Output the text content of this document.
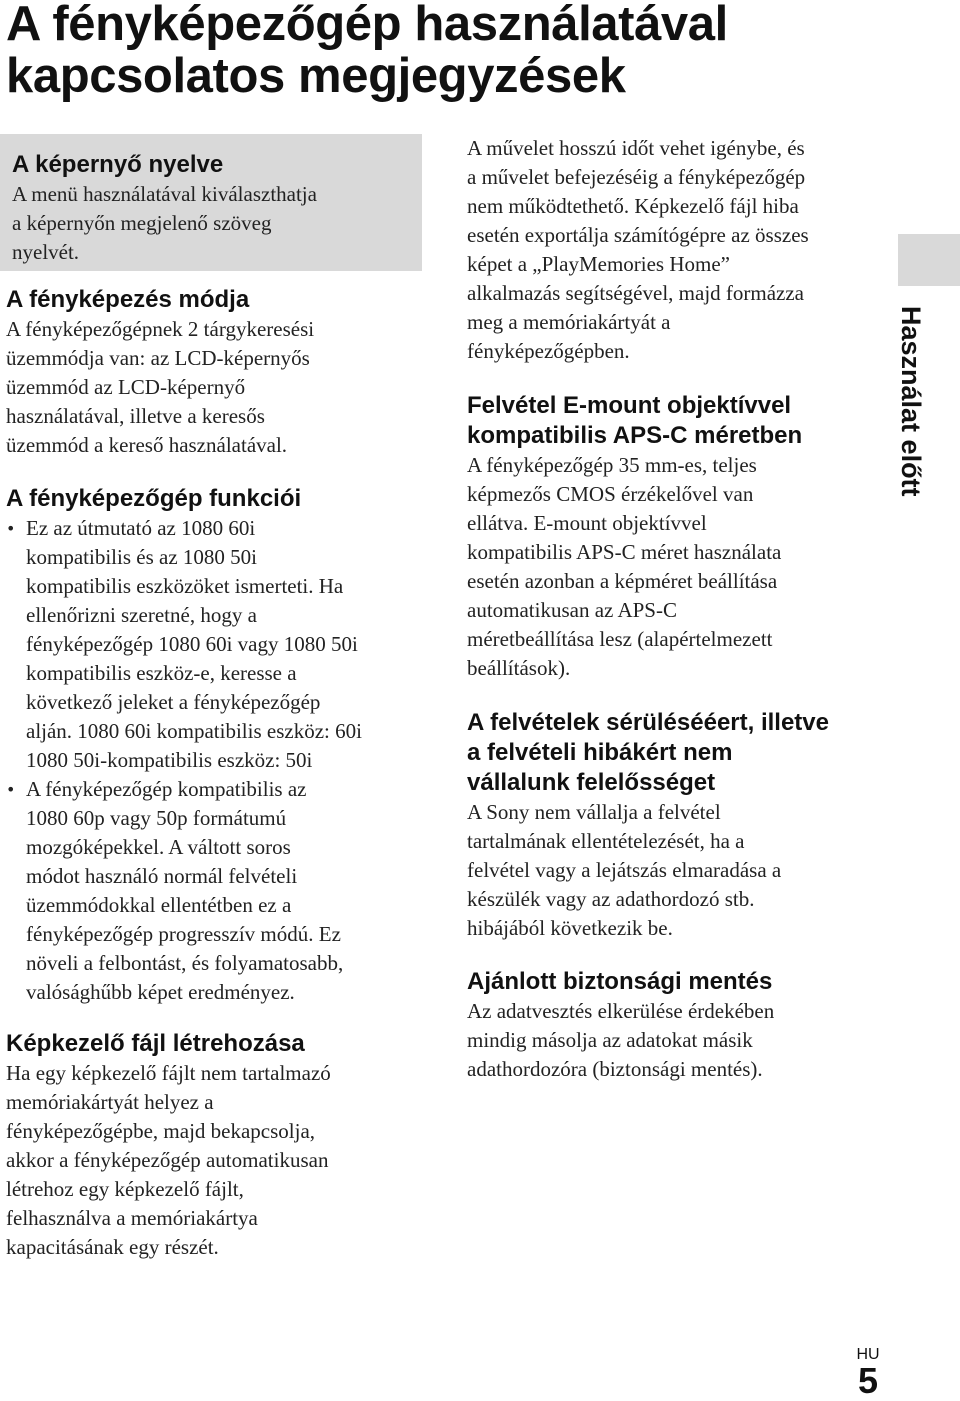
A fényképezőgép használatával
kapcsolatos megjegyzések
A képernyő nyelve

A menü használatával kiválaszthatja
a képernyőn megjelenő szöveg
nyelvét.

A fényképezés módja

A fényképezőgépnek 2 tárgykeresési
üzemmódja van: az LCD-képernyős
üzemmód az LCD-képernyő
használatával, illetve a keresős
üzemmód a kereső használatával.

A fényképezőgép funkciói
• Ez az útmutató az 1080 60i
kompatibilis és az 1080 50i
kompatibilis eszközöket ismerteti. Ha
ellenőrizni szeretné, hogy a
fényképezőgép 1080 60i vagy 1080 50i
kompatibilis eszköz-e, keresse a
következő jeleket a fényképezőgép
alján. 1080 60i kompatibilis eszköz: 60i
1080 50i-kompatibilis eszköz: 50i
• A fényképezőgép kompatibilis az
1080 60p vagy 50p formátumú
mozgóképekkel. A váltott soros
módot használó normál felvételi
üzemmódokkal ellentétben ez a
fényképezőgép progresszív módú. Ez
növeli a felbontást, és folyamatosabb,
valósághűbb képet eredményez.
Képkezelő fájl létrehozása

Ha egy képkezelő fájlt nem tartalmazó
memóriakártyát helyez a
fényképezőgépbe, majd bekapcsolja,
akkor a fényképezőgép automatikusan
létrehoz egy képkezelő fájlt,
felhasználva a memóriakártya
kapacitásának egy részét.

A művelet hosszú időt vehet igénybe, és
a művelet befejezéséig a fényképezőgép
nem működtethető. Képkezelő fájl hiba
esetén exportálja számítógépre az összes
képet a „PlayMemories Home”
alkalmazás segítségével, majd formázza
meg a memóriakártyát a
fényképezőgépben.

Felvétel E-mount objektívvel
kompatibilis APS-C méretben

A fényképezőgép 35 mm-es, teljes
képmezős CMOS érzékelővel van
ellátva. E-mount objektívvel
kompatibilis APS-C méret használata
esetén azonban a képméret beállítása
automatikusan az APS-C
méretbeállítása lesz (alapértelmezett
beállítások).

A felvételek sérülésééert, illetve
a felvételi hibákért nem
vállalunk felelősséget

A Sony nem vállalja a felvétel
tartalmának ellentételezését, ha a
felvétel vagy a lejátszás elmaradása a
készülék vagy az adathordozó stb.
hibájából következik be.

Ajánlott biztonsági mentés

Az adatvesztés elkerülése érdekében
mindig másolja az adatokat másik
adathordozóra (biztonsági mentés).

Használat előtt
HU
5
